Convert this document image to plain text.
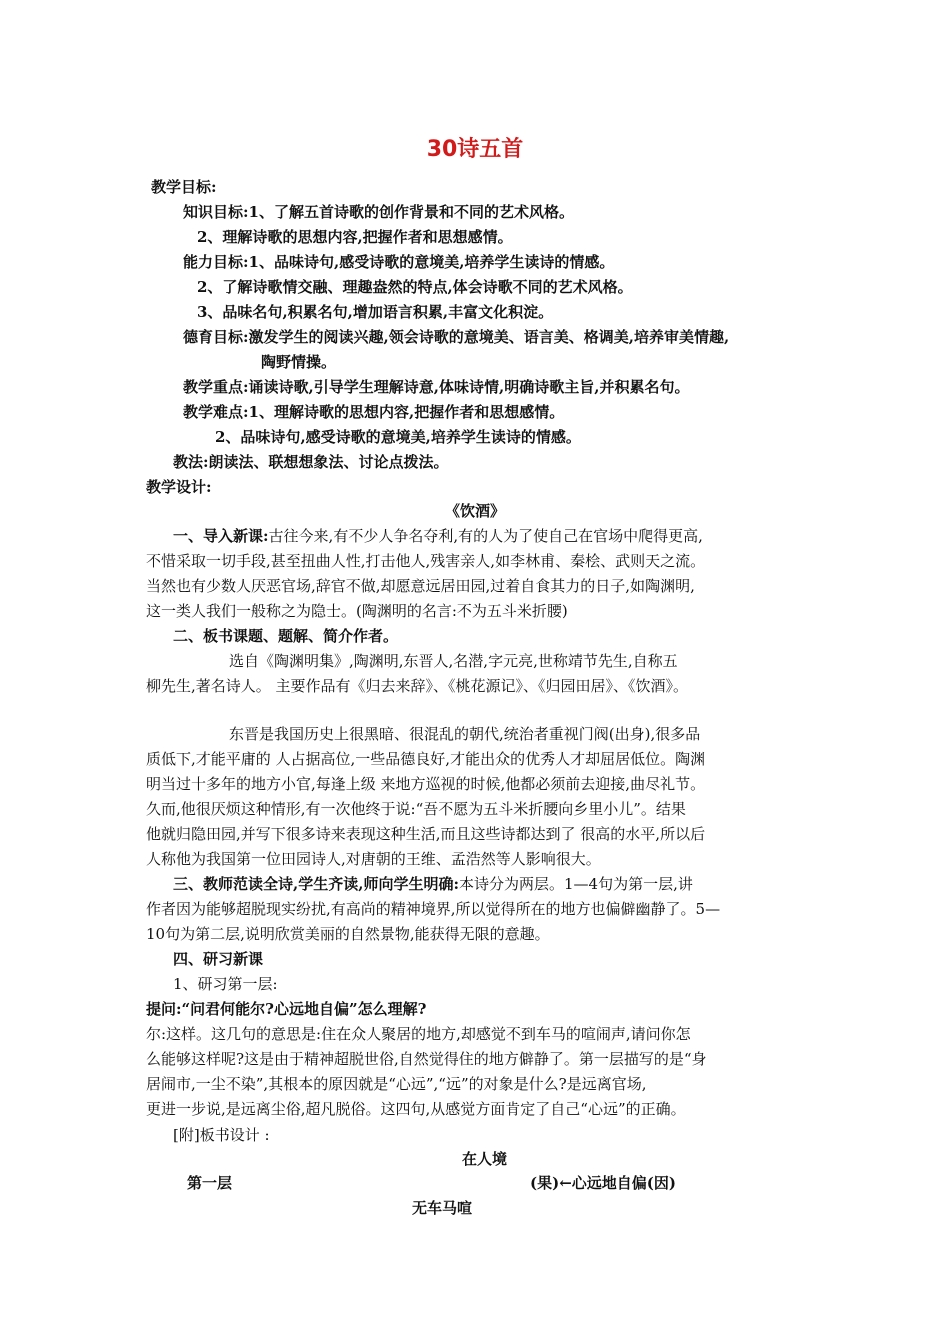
30诗五首
教学目标:
知识目标:1、了解五首诗歌的创作背景和不同的艺术风格。
2、理解诗歌的思想内容,把握作者和思想感情。
能力目标:1、品味诗句,感受诗歌的意境美,培养学生读诗的情感。
2、了解诗歌情交融、理趣盎然的特点,体会诗歌不同的艺术风格。
3、品味名句,积累名句,增加语言积累,丰富文化积淀。
德育目标:激发学生的阅读兴趣,领会诗歌的意境美、语言美、格调美,培养审美情趣,
陶野情操。
教学重点:诵读诗歌,引导学生理解诗意,体味诗情,明确诗歌主旨,并积累名句。
教学难点:1、理解诗歌的思想内容,把握作者和思想感情。
2、品味诗句,感受诗歌的意境美,培养学生读诗的情感。
教法:朗读法、联想想象法、讨论点拨法。
教学设计:
《饮酒》
一、导入新课:古往今来,有不少人争名夺利,有的人为了使自己在官场中爬得更高,
不惜采取一切手段,甚至扭曲人性,打击他人,残害亲人,如李林甫、秦桧、武则天之流。
当然也有少数人厌恶官场,辞官不做,却愿意远居田园,过着自食其力的日子,如陶渊明,
这一类人我们一般称之为隐士。(陶渊明的名言:不为五斗米折腰)
二、板书课题、题解、简介作者。
选自《陶渊明集》,陶渊明,东晋人,名潜,字元亮,世称靖节先生,自称五
柳先生,著名诗人。 主要作品有《归去来辞》、《桃花源记》、《归园田居》、《饮酒》。
东晋是我国历史上很黑暗、很混乱的朝代,统治者重视门阀(出身),很多品
质低下,才能平庸的 人占据高位,一些品德良好,才能出众的优秀人才却屈居低位。陶渊
明当过十多年的地方小官,每逢上级 来地方巡视的时候,他都必须前去迎接,曲尽礼节。
久而,他很厌烦这种情形,有一次他终于说:“吾不愿为五斗米折腰向乡里小儿”。结果
他就归隐田园,并写下很多诗来表现这种生活,而且这些诗都达到了 很高的水平,所以后
人称他为我国第一位田园诗人,对唐朝的王维、孟浩然等人影响很大。
三、教师范读全诗,学生齐读,师向学生明确:本诗分为两层。1—4句为第一层,讲
作者因为能够超脱现实纷扰,有高尚的精神境界,所以觉得所在的地方也偏僻幽静了。5—
10句为第二层,说明欣赏美丽的自然景物,能获得无限的意趣。
四、研习新课
1、研习第一层:
提问:“问君何能尔?心远地自偏”怎么理解?
尔:这样。这几句的意思是:住在众人聚居的地方,却感觉不到车马的喧闹声,请问你怎
么能够这样呢?这是由于精神超脱世俗,自然觉得住的地方僻静了。第一层描写的是“身
居闹市,一尘不染”,其根本的原因就是“心远”,“远”的对象是什么?是远离官场,
更进一步说,是远离尘俗,超凡脱俗。这四句,从感觉方面肯定了自己“心远”的正确。
[附]板书设计 :
在人境
第一层	(果)←心远地自偏(因)
无车马喧
